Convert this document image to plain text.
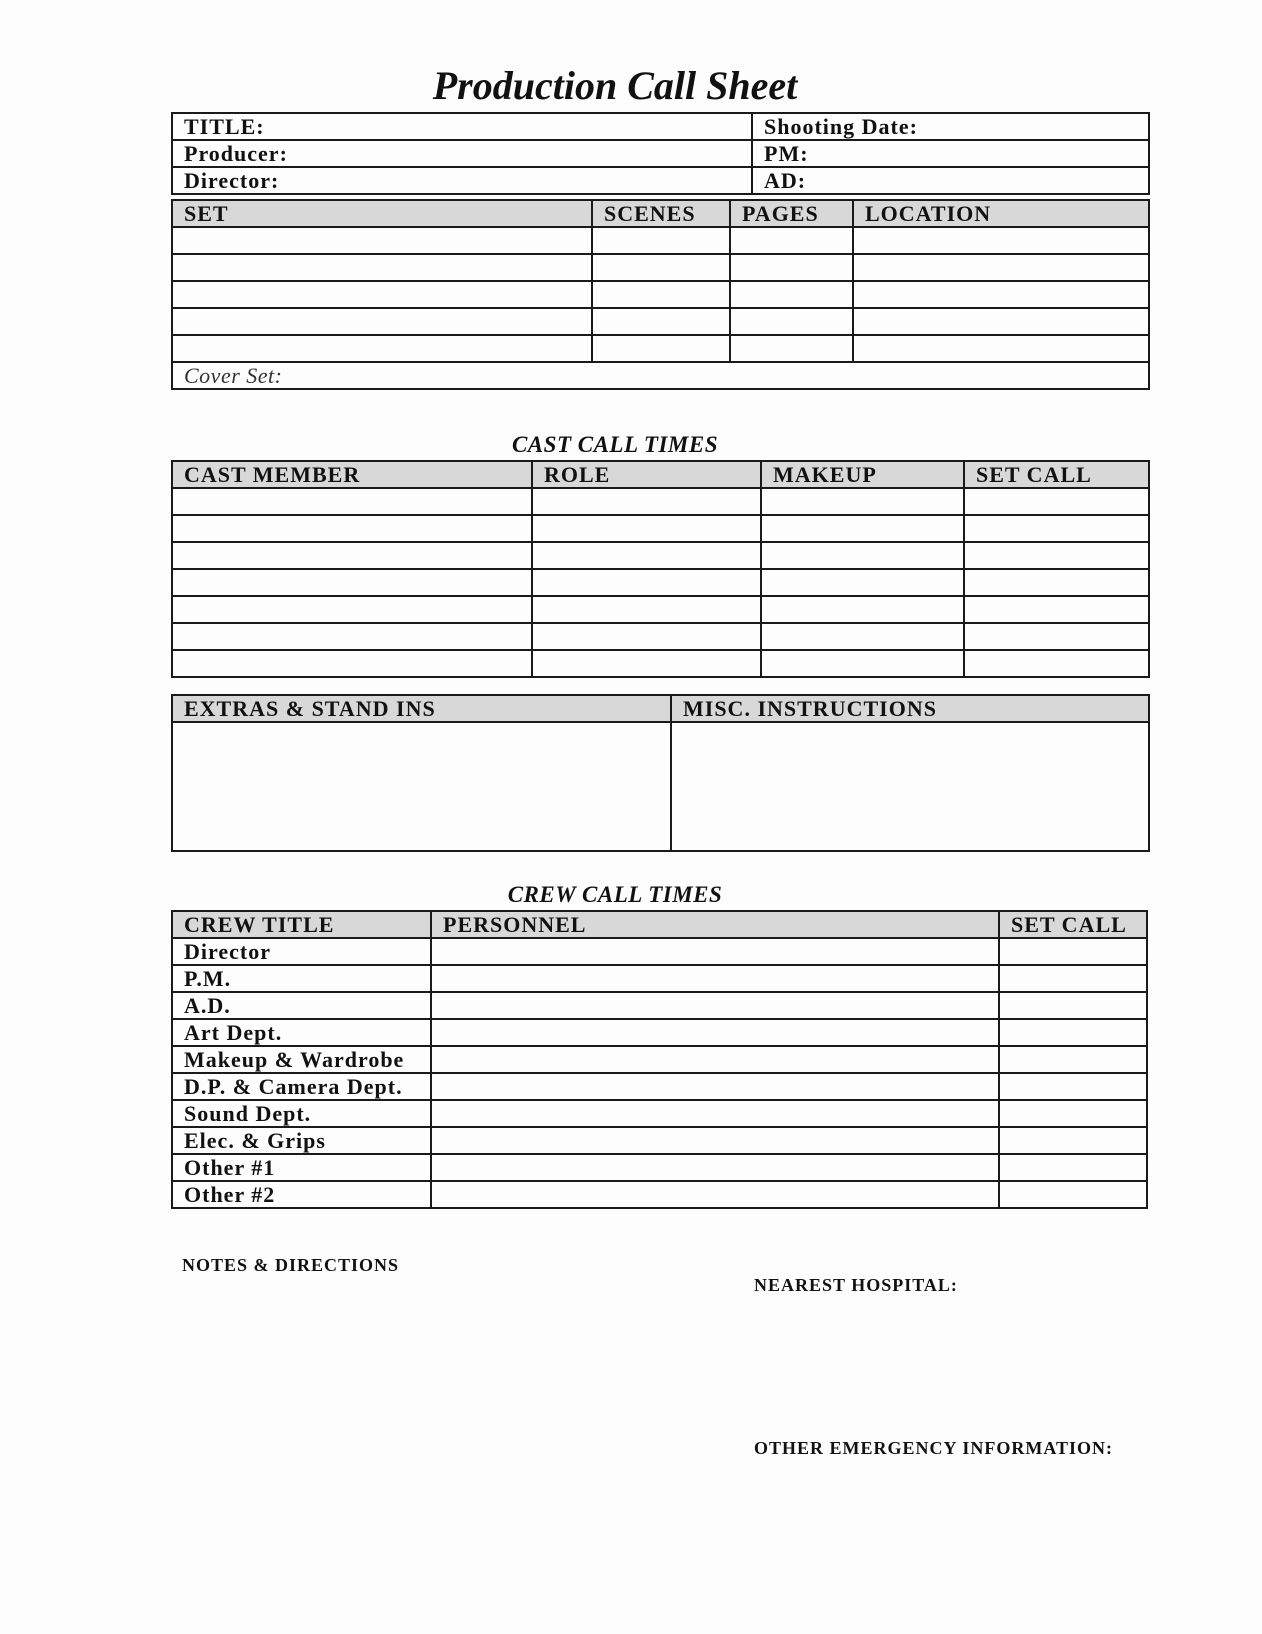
Production Call Sheet
TITLE:	Shooting Date:
Producer:	PM:
Director:	AD:
SET	SCENES	PAGES	LOCATION

Cover Set:			
CAST CALL TIMES
CAST MEMBER	ROLE	MAKEUP	SET CALL

EXTRAS & STAND INS	MISC. INSTRUCTIONS

CREW CALL TIMES
CREW TITLE	PERSONNEL	SET CALL
Director		
P.M.		
A.D.		
Art Dept.		
Makeup & Wardrobe		
D.P. & Camera Dept.		
Sound Dept.		
Elec. & Grips		
Other #1		
Other #2		
NOTES & DIRECTIONS
NEAREST HOSPITAL:
OTHER EMERGENCY INFORMATION:
